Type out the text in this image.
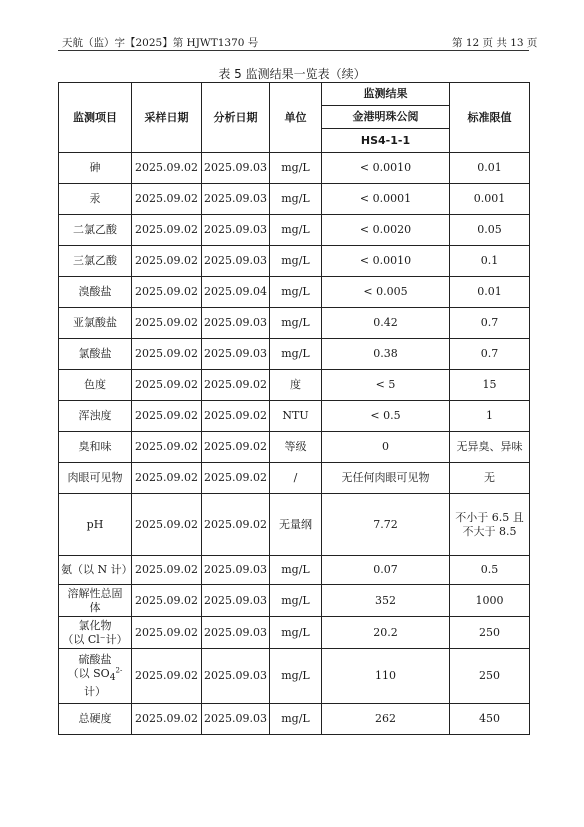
天航（监）字【2025】第 HJWT1370 号	第 12 页 共 13 页
表 5 监测结果一览表（续）
监测项目	采样日期	分析日期	单位	监测结果	标准限值
				金港明珠公阅	
				HS4-1-1	
砷	2025.09.02	2025.09.03	mg/L	< 0.0010	0.01
汞	2025.09.02	2025.09.03	mg/L	< 0.0001	0.001
二氯乙酸	2025.09.02	2025.09.03	mg/L	< 0.0020	0.05
三氯乙酸	2025.09.02	2025.09.03	mg/L	< 0.0010	0.1
溴酸盐	2025.09.02	2025.09.04	mg/L	< 0.005	0.01
亚氯酸盐	2025.09.02	2025.09.03	mg/L	0.42	0.7
氯酸盐	2025.09.02	2025.09.03	mg/L	0.38	0.7
色度	2025.09.02	2025.09.02	度	< 5	15
浑浊度	2025.09.02	2025.09.02	NTU	< 0.5	1
臭和味	2025.09.02	2025.09.02	等级	0	无异臭、异味
肉眼可见物	2025.09.02	2025.09.02	/	无任何肉眼可见物	无
pH	2025.09.02	2025.09.02	无量纲	7.72	不小于 6.5 且
不大于 8.5
氨（以 N 计）	2025.09.02	2025.09.03	mg/L	0.07	0.5
溶解性总固
体	2025.09.02	2025.09.03	mg/L	352	1000
氯化物
（以 Cl⁻计）	2025.09.02	2025.09.03	mg/L	20.2	250
硫酸盐
（以 $SO_4^{2-}$
计）	2025.09.02	2025.09.03	mg/L	110	250
总硬度	2025.09.02	2025.09.03	mg/L	262	450
